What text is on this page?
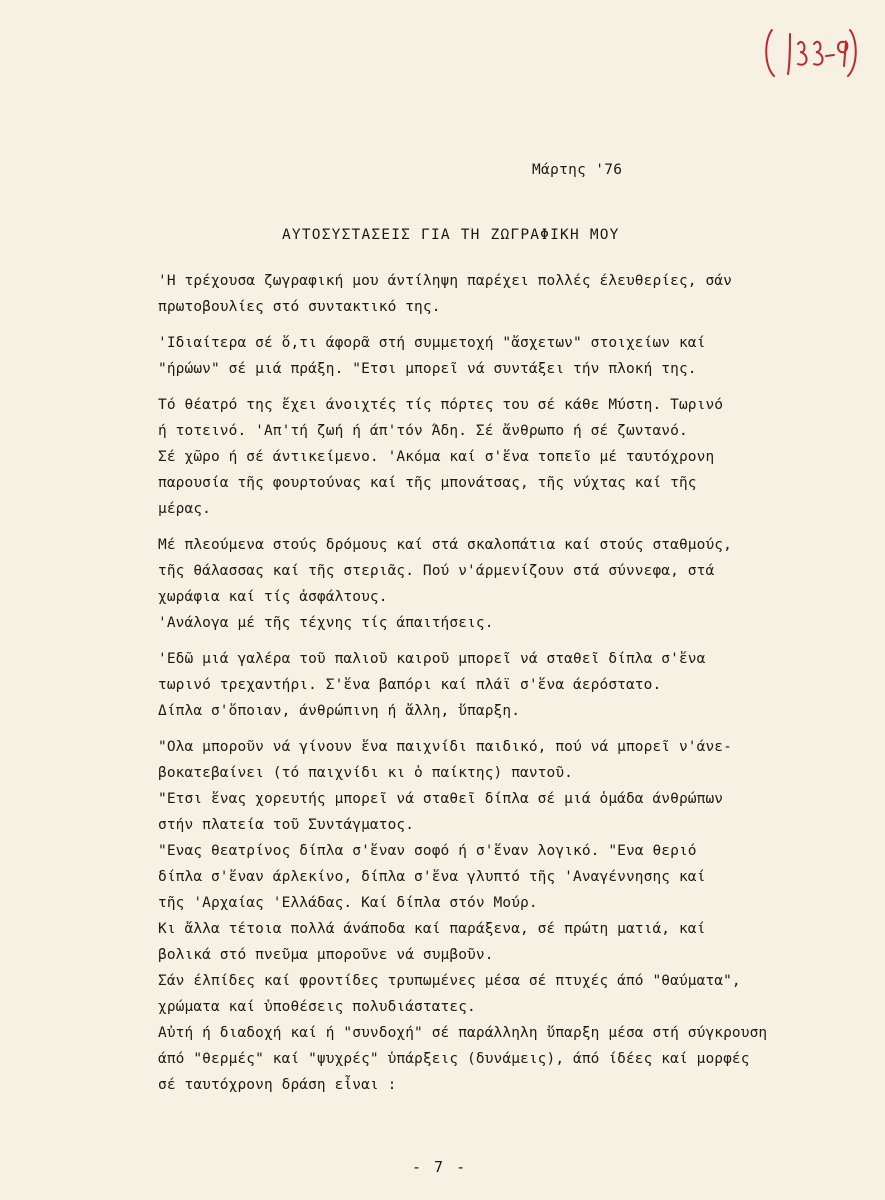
Μάρτης '76
ΑΥΤΟΣΥΣΤΑΣΕΙΣ ΓΙΑ ΤΗ ΖΩΓΡΑΦΙΚΗ ΜΟΥ
'Η τρέχουσα ζωγραφική μου άντίληψη παρέχει πολλές έλευθερίες, σάν
πρωτοβουλίες στό συντακτικό της.
'Ιδιαίτερα σέ ὅ,τι άφορᾶ στή συμμετοχή "ἄσχετων" στοιχείων καί
"ήρώων" σέ μιά πράξη. "Ετσι μπορεῖ νά συντάξει τήν πλοκή της.
Τό θέατρό της ἔχει άνοιχτές τίς πόρτες του σέ κάθε Μύστη. Τωρινό
ή τοτεινό. 'Απ'τή ζωή ή άπ'τόν Άδη. Σέ ἄνθρωπο ή σέ ζωντανό.
Σέ χῶρο ή σέ άντικείμενο. 'Ακόμα καί σ'ἕνα τοπεῖο μέ ταυτόχρονη
παρουσία τῆς φουρτούνας καί τῆς μπονάτσας, τῆς νύχτας καί τῆς
μέρας.
Μέ πλεούμενα στούς δρόμους καί στά σκαλοπάτια καί στούς σταθμούς,
τῆς θάλασσας καί τῆς στεριᾶς. Πού ν'άρμενίζουν στά σύννεφα, στά
χωράφια καί τίς ἀσφάλτους.
'Ανάλογα μέ τῆς τέχνης τίς άπαιτήσεις.
'Εδῶ μιά γαλέρα τοῦ παλιοῦ καιροῦ μπορεῖ νά σταθεῖ δίπλα σ'ἕνα
τωρινό τρεχαντήρι. Σ'ἕνα βαπόρι καί πλάϊ σ'ἕνα άερόστατο.
Δίπλα σ'ὅποιαν, άνθρώπινη ή ἄλλη, ὕπαρξη.
"Ολα μποροῦν νά γίνουν ἕνα παιχνίδι παιδικό, πού νά μπορεῖ ν'άνε-
βοκατεβαίνει (τό παιχνίδι κι ὁ παίκτης) παντοῦ.
"Ετσι ἕνας χορευτής μπορεῖ νά σταθεῖ δίπλα σέ μιά ὁμάδα άνθρώπων
στήν πλατεία τοῦ Συντάγματος.
"Ενας θεατρίνος δίπλα σ'ἕναν σοφό ή σ'ἕναν λογικό. "Ενα θεριό
δίπλα σ'ἕναν άρλεκίνο, δίπλα σ'ἕνα γλυπτό τῆς 'Αναγέννησης καί
τῆς 'Αρχαίας 'Ελλάδας. Καί δίπλα στόν Μούρ.
Κι ἄλλα τέτοια πολλά άνάποδα καί παράξενα, σέ πρώτη ματιά, καί
βολικά στό πνεῦμα μποροῦνε νά συμβοῦν.
Σάν έλπίδες καί φροντίδες τρυπωμένες μέσα σέ πτυχές άπό "θαύματα",
χρώματα καί ὑποθέσεις πολυδιάστατες.
Αὐτή ή διαδοχή καί ή "συνδοχή" σέ παράλληλη ὕπαρξη μέσα στή σύγκρουση
άπό "θερμές" καί "ψυχρές" ὑπάρξεις (δυνάμεις), άπό ίδέες καί μορφές
σέ ταυτόχρονη δράση εἶναι :
- 7 -
